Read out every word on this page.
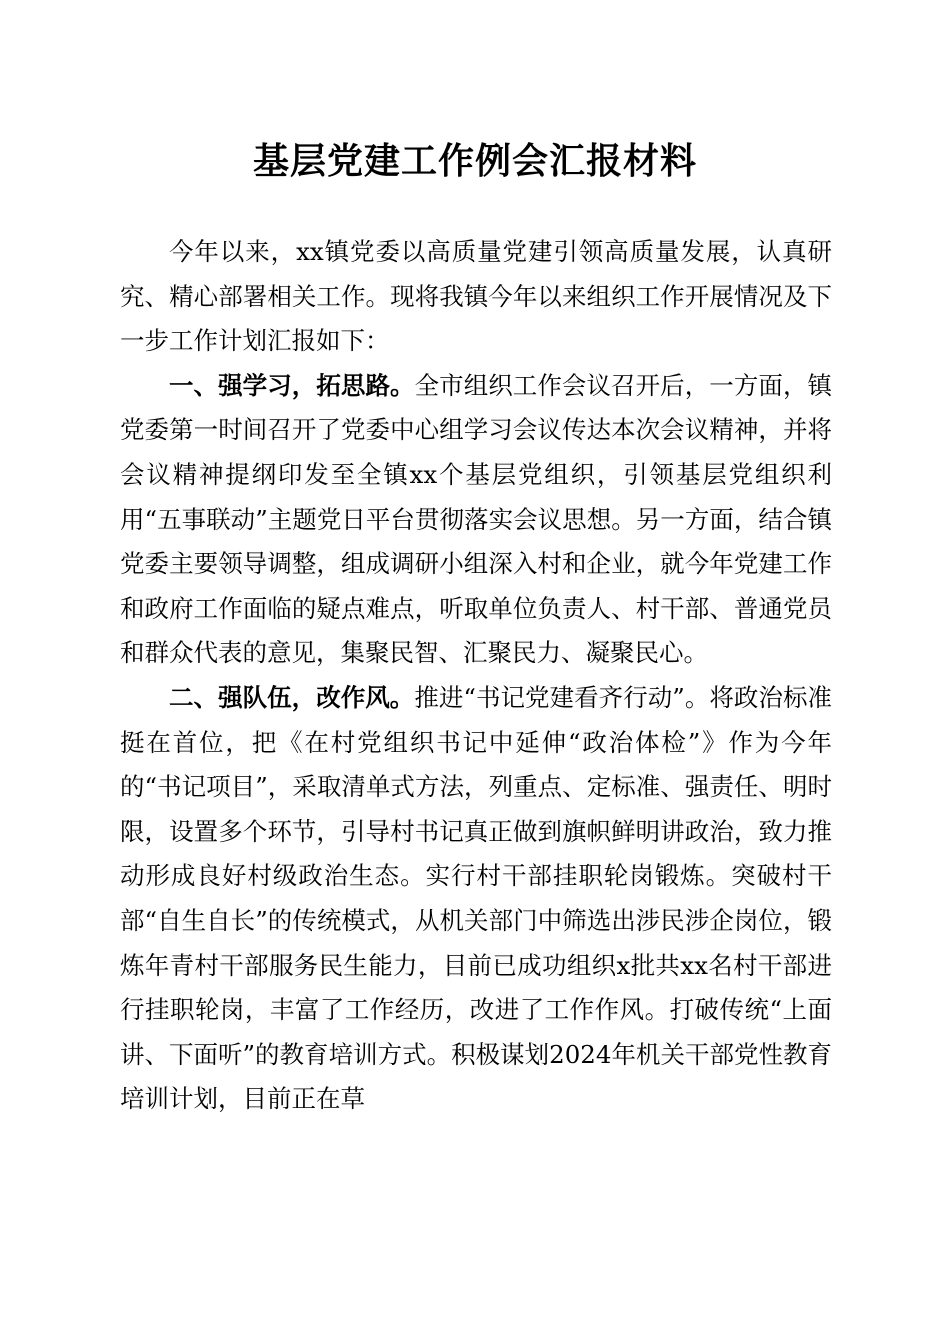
基层党建工作例会汇报材料

今年以来，xx镇党委以高质量党建引领高质量发展，认真研究、精心部署相关工作。现将我镇今年以来组织工作开展情况及下一步工作计划汇报如下：

一、强学习，拓思路。全市组织工作会议召开后，一方面，镇党委第一时间召开了党委中心组学习会议传达本次会议精神，并将会议精神提纲印发至全镇xx个基层党组织，引领基层党组织利用“五事联动”主题党日平台贯彻落实会议思想。另一方面，结合镇党委主要领导调整，组成调研小组深入村和企业，就今年党建工作和政府工作面临的疑点难点，听取单位负责人、村干部、普通党员和群众代表的意见，集聚民智、汇聚民力、凝聚民心。

二、强队伍，改作风。推进“书记党建看齐行动”。将政治标准挺在首位，把《在村党组织书记中延伸“政治体检”》作为今年的“书记项目”，采取清单式方法，列重点、定标准、强责任、明时限，设置多个环节，引导村书记真正做到旗帜鲜明讲政治，致力推动形成良好村级政治生态。实行村干部挂职轮岗锻炼。突破村干部“自生自长”的传统模式，从机关部门中筛选出涉民涉企岗位，锻炼年青村干部服务民生能力，目前已成功组织x批共xx名村干部进行挂职轮岗，丰富了工作经历，改进了工作作风。打破传统“上面讲、下面听”的教育培训方式。积极谋划2024年机关干部党性教育培训计划，目前正在草
